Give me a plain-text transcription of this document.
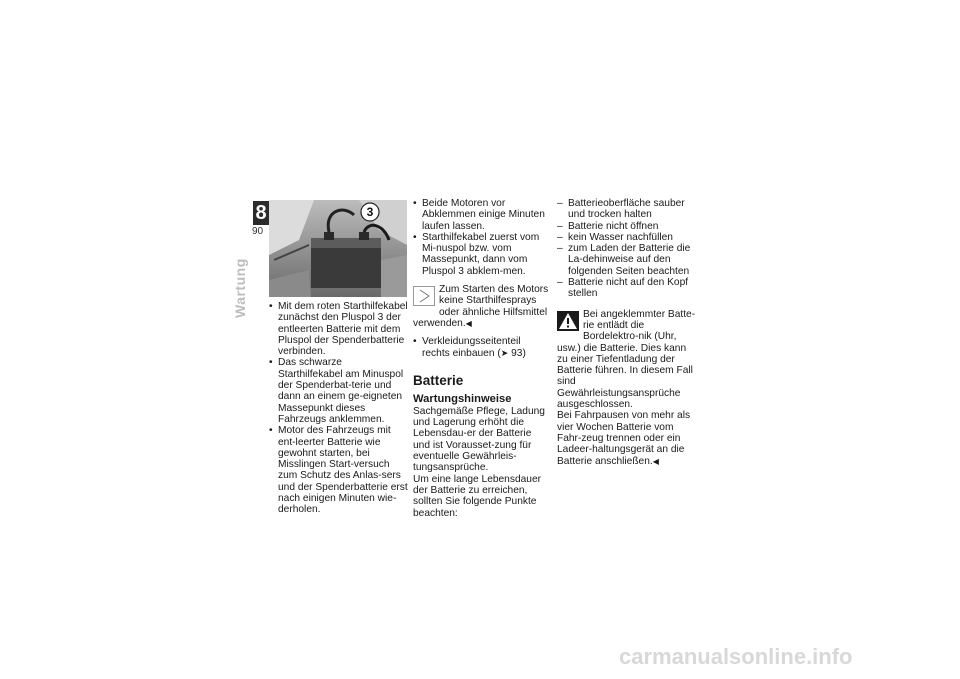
8
90
Wartung
3
• Mit dem roten Starthilfekabel zunächst den Pluspol 3 der entleerten Batterie mit dem Pluspol der Spenderbatterie verbinden.
• Das schwarze Starthilfekabel am Minuspol der Spenderbat-terie und dann an einem ge-eigneten Massepunkt dieses Fahrzeugs anklemmen.
• Motor des Fahrzeugs mit ent-leerter Batterie wie gewohnt starten, bei Misslingen Start-versuch zum Schutz des Anlas-sers und der Spenderbatterie erst nach einigen Minuten wie-derholen.
• Beide Motoren vor Abklemmen einige Minuten laufen lassen.
• Starthilfekabel zuerst vom Mi-nuspol bzw. vom Massepunkt, dann vom Pluspol 3 abklem-men.
Zum Starten des Motors keine Starthilfesprays oder ähnliche Hilfsmittel verwenden.◀
• Verkleidungsseitenteil rechts einbauen (➤ 93)
Batterie
Wartungshinweise
Sachgemäße Pflege, Ladung und Lagerung erhöht die Lebensdau-er der Batterie und ist Vorausset-zung für eventuelle Gewährleis-tungsansprüche.
Um eine lange Lebensdauer der Batterie zu erreichen, sollten Sie folgende Punkte beachten:
– Batterieoberfläche sauber und trocken halten
– Batterie nicht öffnen
– kein Wasser nachfüllen
– zum Laden der Batterie die La-dehinweise auf den folgenden Seiten beachten
– Batterie nicht auf den Kopf stellen
Bei angeklemmter Batte-rie entlädt die Bordelektro-nik (Uhr, usw.) die Batterie. Dies kann zu einer Tiefentladung der Batterie führen. In diesem Fall sind Gewährleistungsansprüche ausgeschlossen.
Bei Fahrpausen von mehr als vier Wochen Batterie vom Fahr-zeug trennen oder ein Ladeer-haltungsgerät an die Batterie anschließen.◀
carmanualsonline.info
